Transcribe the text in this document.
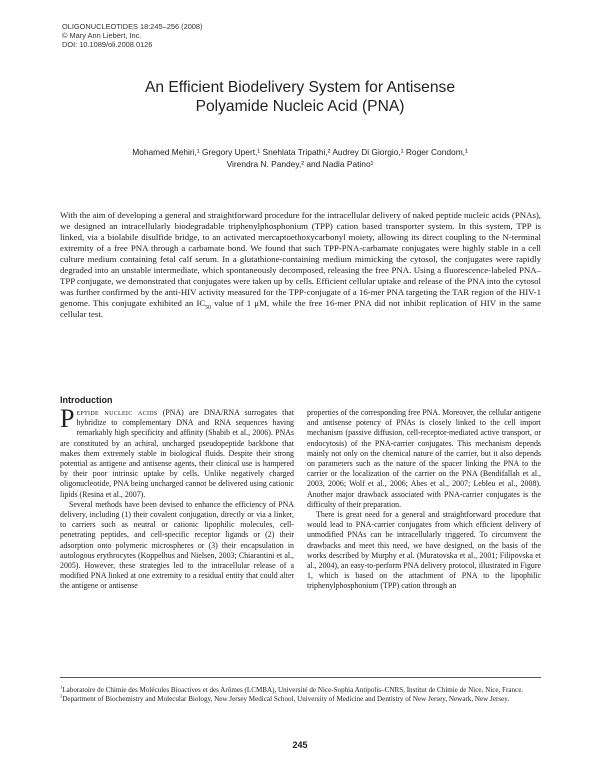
OLIGONUCLEOTIDES 18:245–256 (2008)
© Mary Ann Liebert, Inc.
DOI: 10.1089/oli.2008.0126
An Efficient Biodelivery System for Antisense
Polyamide Nucleic Acid (PNA)
Mohamed Mehiri,¹ Gregory Upert,¹ Snehlata Tripathi,² Audrey Di Giorgio,¹ Roger Condom,¹
Virendra N. Pandey,² and Nadia Patino¹
With the aim of developing a general and straightforward procedure for the intracellular delivery of naked peptide nucleic acids (PNAs), we designed an intracellularly biodegradable triphenylphosphonium (TPP) cation based transporter system. In this system, TPP is linked, via a biolabile disulfide bridge, to an activated mercaptoethoxycarbonyl moiety, allowing its direct coupling to the N-terminal extremity of a free PNA through a carbamate bond. We found that such TPP-PNA-carbamate conjugates were highly stable in a cell culture medium containing fetal calf serum. In a glutathione-containing medium mimicking the cytosol, the conjugates were rapidly degraded into an unstable intermediate, which spontaneously decomposed, releasing the free PNA. Using a fluorescence-labeled PNA–TPP conjugate, we demonstrated that conjugates were taken up by cells. Efficient cellular uptake and release of the PNA into the cytosol was further confirmed by the anti-HIV activity measured for the TPP-conjugate of a 16-mer PNA targeting the TAR region of the HIV-1 genome. This conjugate exhibited an $IC_{50}$ value of 1 μM, while the free 16-mer PNA did not inhibit replication of HIV in the same cellular test.
Introduction

Peptide nucleic acids (PNA) are DNA/RNA surrogates that hybridize to complementary DNA and RNA sequences having remarkably high specificity and affinity (Shabib et al., 2006). PNAs are constituted by an achiral, uncharged pseudopeptide backbone that makes them extremely stable in biological fluids. Despite their strong potential as antigene and antisense agents, their clinical use is hampered by their poor intrinsic uptake by cells. Unlike negatively charged oligonucleotide, PNA being uncharged cannot be delivered using cationic lipids (Resina et al., 2007).

Several methods have been devised to enhance the efficiency of PNA delivery, including (1) their covalent conjugation, directly or via a linker, to carriers such as neutral or cationic lipophilic molecules, cell-penetrating peptides, and cell-specific receptor ligands or (2) their adsorption onto polymeric microspheres or (3) their encapsulation in autologous erythrocytes (Koppelhus and Nielsen, 2003; Chiarantini et al., 2005). However, these strategies led to the intracellular release of a modified PNA linked at one extremity to a residual entity that could alter the antigene or antisense

properties of the corresponding free PNA. Moreover, the cellular antigene and antisense potency of PNAs is closely linked to the cell import mechanism (passive diffusion, cell-receptor-mediated active transport, or endocytosis) of the PNA-carrier conjugates. This mechanism depends mainly not only on the chemical nature of the carrier, but it also depends on parameters such as the nature of the spacer linking the PNA to the carrier or the localization of the carrier on the PNA (Bendifallah et al., 2003, 2006; Wolf et al., 2006; Abes et al., 2007; Lebleu et al., 2008). Another major drawback associated with PNA-carrier conjugates is the difficulty of their preparation.

There is great need for a general and straightforward procedure that would lead to PNA-carrier conjugates from which efficient delivery of unmodified PNAs can be intracellularly triggered. To circumvent the drawbacks and meet this need, we have designed, on the basis of the works described by Murphy et al. (Muratovska et al., 2001; Filipovska et al., 2004), an easy-to-perform PNA delivery protocol, illustrated in Figure 1, which is based on the attachment of PNA to the lipophilic triphenylphosphonium (TPP) cation through an

$^1$Laboratoire de Chimie des Molécules Bioactives et des Arômes (LCMBA), Université de Nice-Sophia Antipolis–CNRS, Institut de Chimie de Nice, Nice, France.

$^2$Department of Biochemistry and Molecular Biology, New Jersey Medical School, University of Medicine and Dentistry of New Jersey, Newark, New Jersey.

245
